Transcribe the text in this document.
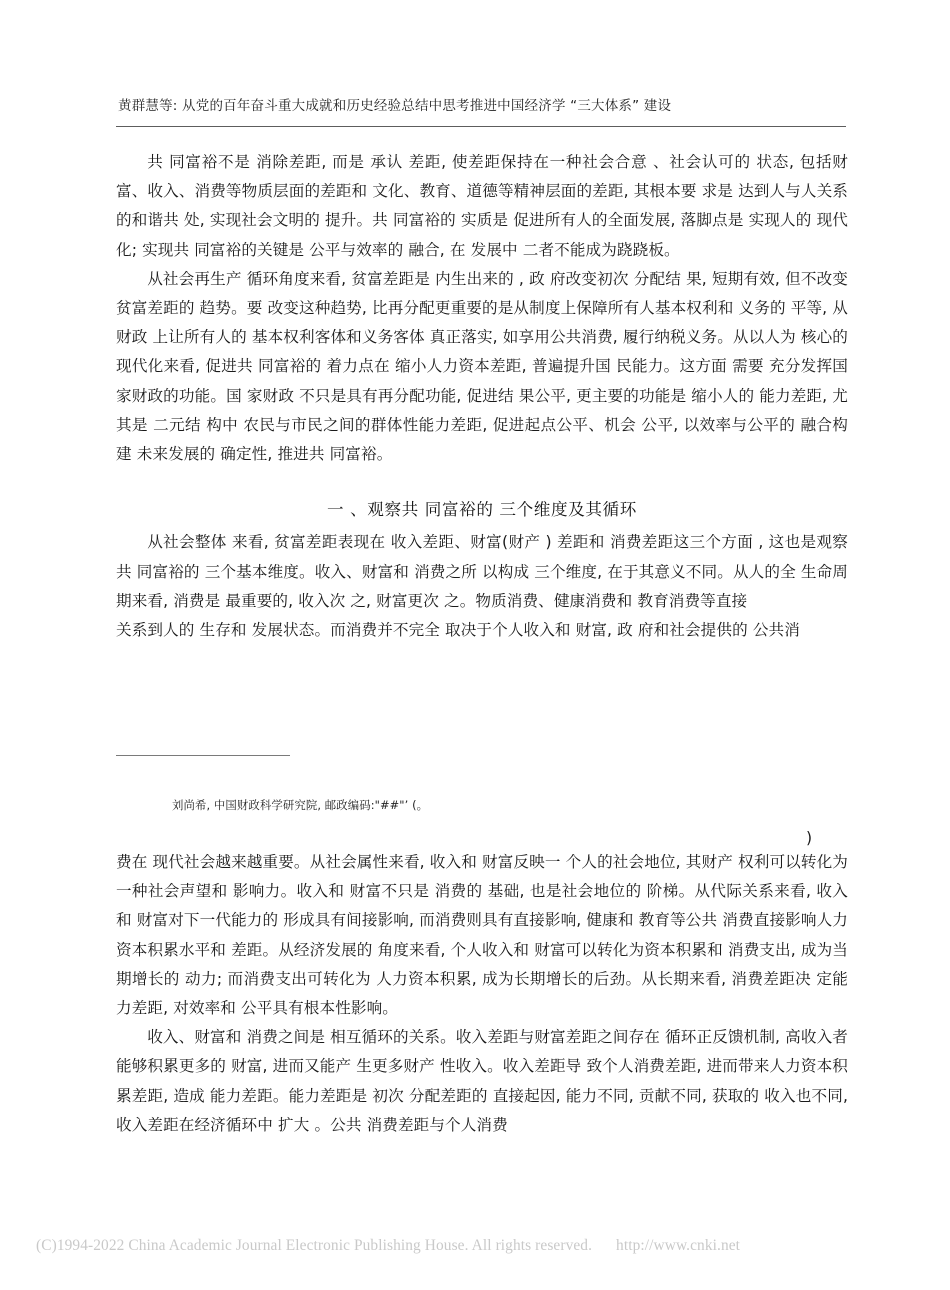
黄群慧等: 从党的百年奋斗重大成就和历史经验总结中思考推进中国经济学 “三大体系” 建设

共 同富裕不是 消除差距, 而是 承认 差距, 使差距保持在一种社会合意 、社会认可的 状态, 包括财富、收入、消费等物质层面的差距和 文化、教育、道德等精神层面的差距, 其根本要 求是 达到人与人关系的和谐共 处, 实现社会文明的 提升。共 同富裕的 实质是 促进所有人的全面发展, 落脚点是 实现人的 现代化; 实现共 同富裕的关键是 公平与效率的 融合, 在 发展中 二者不能成为跷跷板。

从社会再生产 循环角度来看, 贫富差距是 内生出来的 , 政 府改变初次 分配结 果, 短期有效, 但不改变贫富差距的 趋势。要 改变这种趋势, 比再分配更重要的是从制度上保障所有人基本权利和 义务的 平等, 从财政 上让所有人的 基本权利客体和义务客体 真正落实, 如享用公共消费, 履行纳税义务。从以人为 核心的 现代化来看, 促进共 同富裕的 着力点在 缩小人力资本差距, 普遍提升国 民能力。这方面 需要 充分发挥国 家财政的功能。国 家财政 不只是具有再分配功能, 促进结 果公平, 更主要的功能是 缩小人的 能力差距, 尤其是 二元结 构中 农民与市民之间的群体性能力差距, 促进起点公平、机会 公平, 以效率与公平的 融合构建 未来发展的 确定性, 推进共 同富裕。

一 、观察共 同富裕的 三个维度及其循环

从社会整体 来看, 贫富差距表现在 收入差距、财富(财产 ) 差距和 消费差距这三个方面 , 这也是观察共 同富裕的 三个基本维度。收入、财富和 消费之所 以构成 三个维度, 在于其意义不同。从人的全 生命周期来看, 消费是 最重要的, 收入次 之, 财富更次 之。物质消费、健康消费和 教育消费等直接

关系到人的 生存和 发展状态。而消费并不完全 取决于个人收入和 财富, 政 府和社会提供的 公共消

刘尚希, 中国财政科学研究院, 邮政编码:"##"’ (。
)

费在 现代社会越来越重要。从社会属性来看, 收入和 财富反映一 个人的社会地位, 其财产 权利可以转化为一种社会声望和 影响力。收入和 财富不只是 消费的 基础, 也是社会地位的 阶梯。从代际关系来看, 收入和 财富对下一代能力的 形成具有间接影响, 而消费则具有直接影响, 健康和 教育等公共 消费直接影响人力资本积累水平和 差距。从经济发展的 角度来看, 个人收入和 财富可以转化为资本积累和 消费支出, 成为当期增长的 动力; 而消费支出可转化为 人力资本积累, 成为长期增长的后劲。从长期来看, 消费差距决 定能力差距, 对效率和 公平具有根本性影响。

收入、财富和 消费之间是 相互循环的关系。收入差距与财富差距之间存在 循环正反馈机制, 高收入者能够积累更多的 财富, 进而又能产 生更多财产 性收入。收入差距导 致个人消费差距, 进而带来人力资本积累差距, 造成 能力差距。能力差距是 初次 分配差距的 直接起因, 能力不同, 贡献不同, 获取的 收入也不同, 收入差距在经济循环中 扩大 。公共 消费差距与个人消费

(C)1994-2022 China Academic Journal Electronic Publishing House. All rights reserved. http://www.cnki.net
